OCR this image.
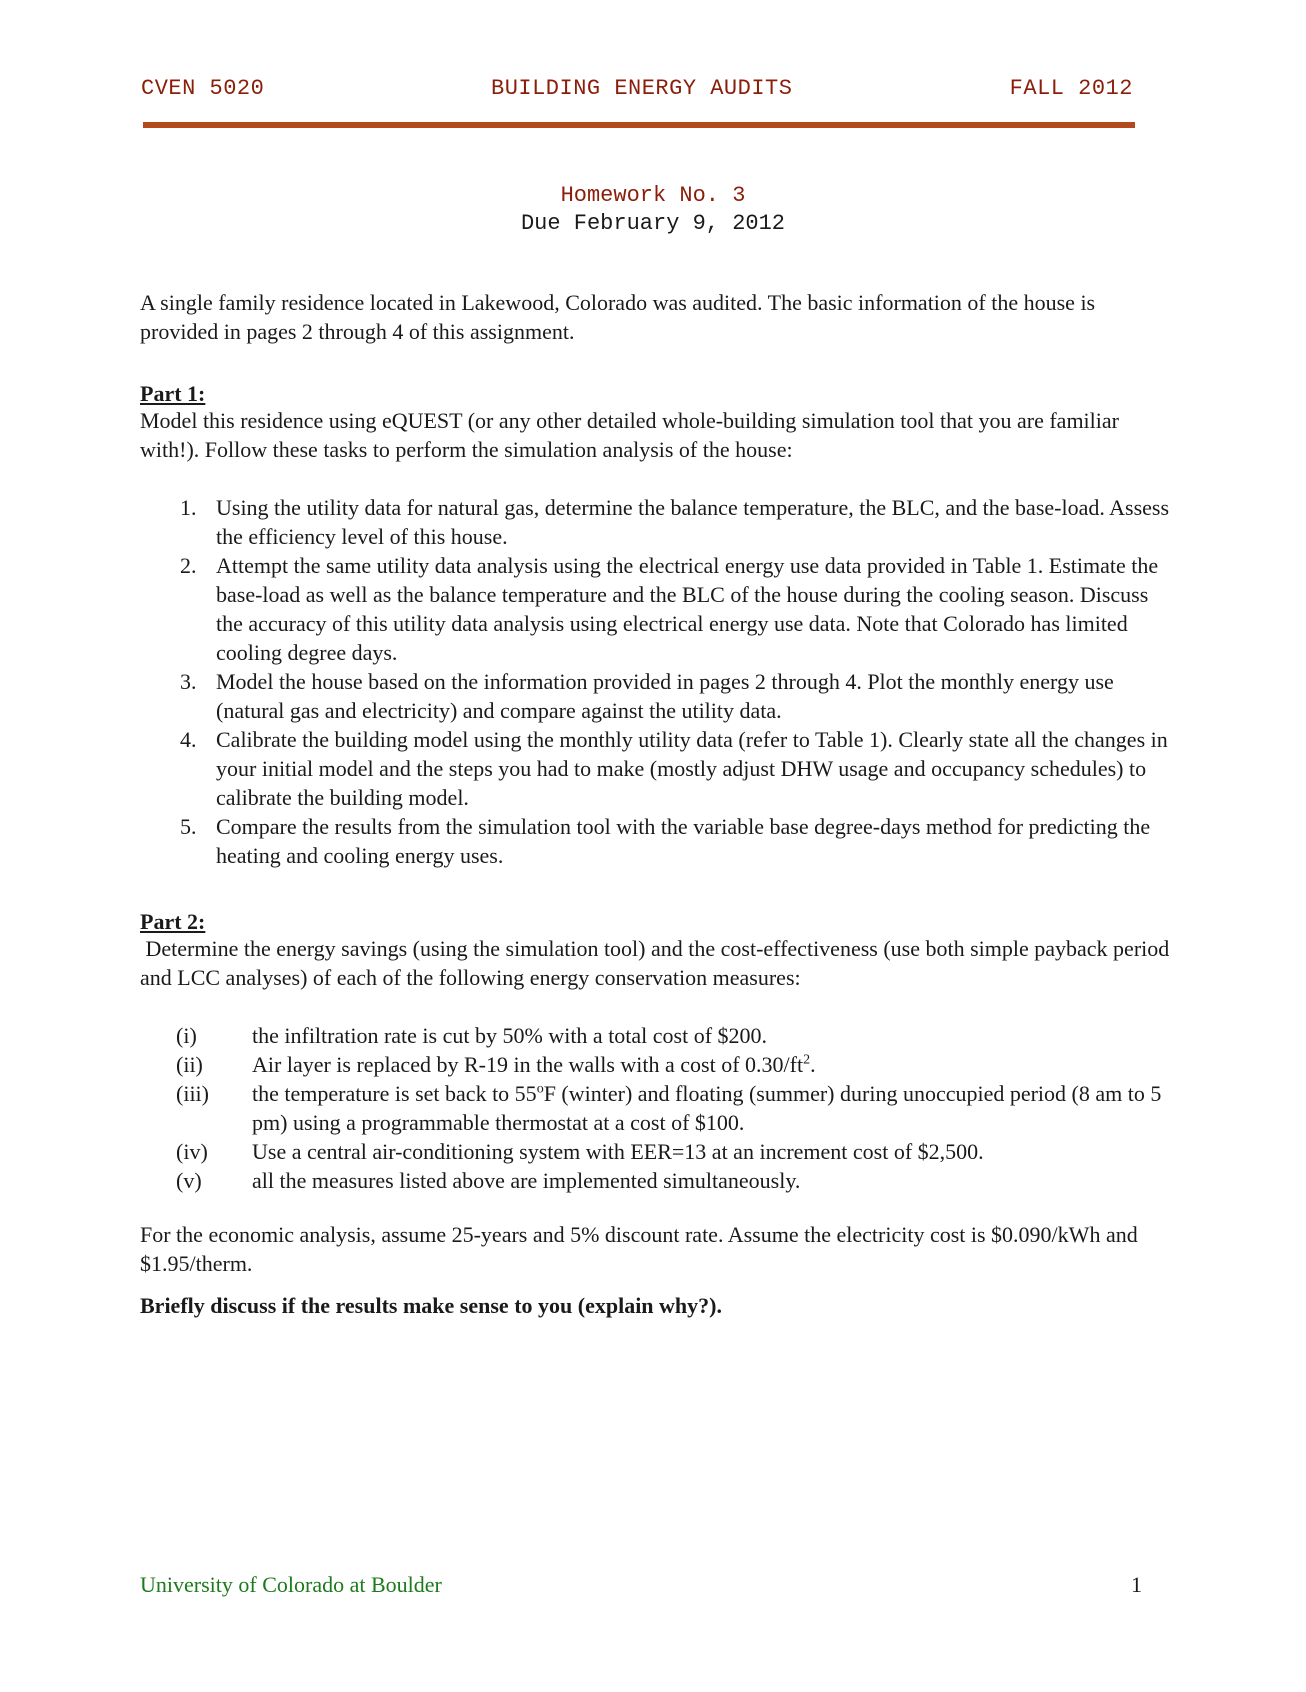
CVEN 5020	BUILDING ENERGY AUDITS	FALL 2012
Homework No. 3
Due February 9, 2012
A single family residence located in Lakewood, Colorado was audited. The basic information of the house is provided in pages 2 through 4 of this assignment.
Part 1:
Model this residence using eQUEST (or any other detailed whole-building simulation tool that you are familiar with!). Follow these tasks to perform the simulation analysis of the house:
1. Using the utility data for natural gas, determine the balance temperature, the BLC, and the base-load. Assess the efficiency level of this house.
2. Attempt the same utility data analysis using the electrical energy use data provided in Table 1. Estimate the base-load as well as the balance temperature and the BLC of the house during the cooling season. Discuss the accuracy of this utility data analysis using electrical energy use data. Note that Colorado has limited cooling degree days.
3. Model the house based on the information provided in pages 2 through 4. Plot the monthly energy use (natural gas and electricity) and compare against the utility data.
4. Calibrate the building model using the monthly utility data (refer to Table 1). Clearly state all the changes in your initial model and the steps you had to make (mostly adjust DHW usage and occupancy schedules) to calibrate the building model.
5. Compare the results from the simulation tool with the variable base degree-days method for predicting the heating and cooling energy uses.
Part 2:
Determine the energy savings (using the simulation tool) and the cost-effectiveness (use both simple payback period and LCC analyses) of each of the following energy conservation measures:
(i)	the infiltration rate is cut by 50% with a total cost of $200.
(ii) Air layer is replaced by R-19 in the walls with a cost of $0.30/ft^2$.
(iii) the temperature is set back to 55$^o$F (winter) and floating (summer) during unoccupied period (8 am to 5 pm) using a programmable thermostat at a cost of $100.
(iv) Use a central air-conditioning system with EER=13 at an increment cost of $2,500.
(v) all the measures listed above are implemented simultaneously.
For the economic analysis, assume 25-years and 5% discount rate. Assume the electricity cost is $0.090/kWh and $1.95/therm.
Briefly discuss if the results make sense to you (explain why?).
University of Colorado at Boulder	1
